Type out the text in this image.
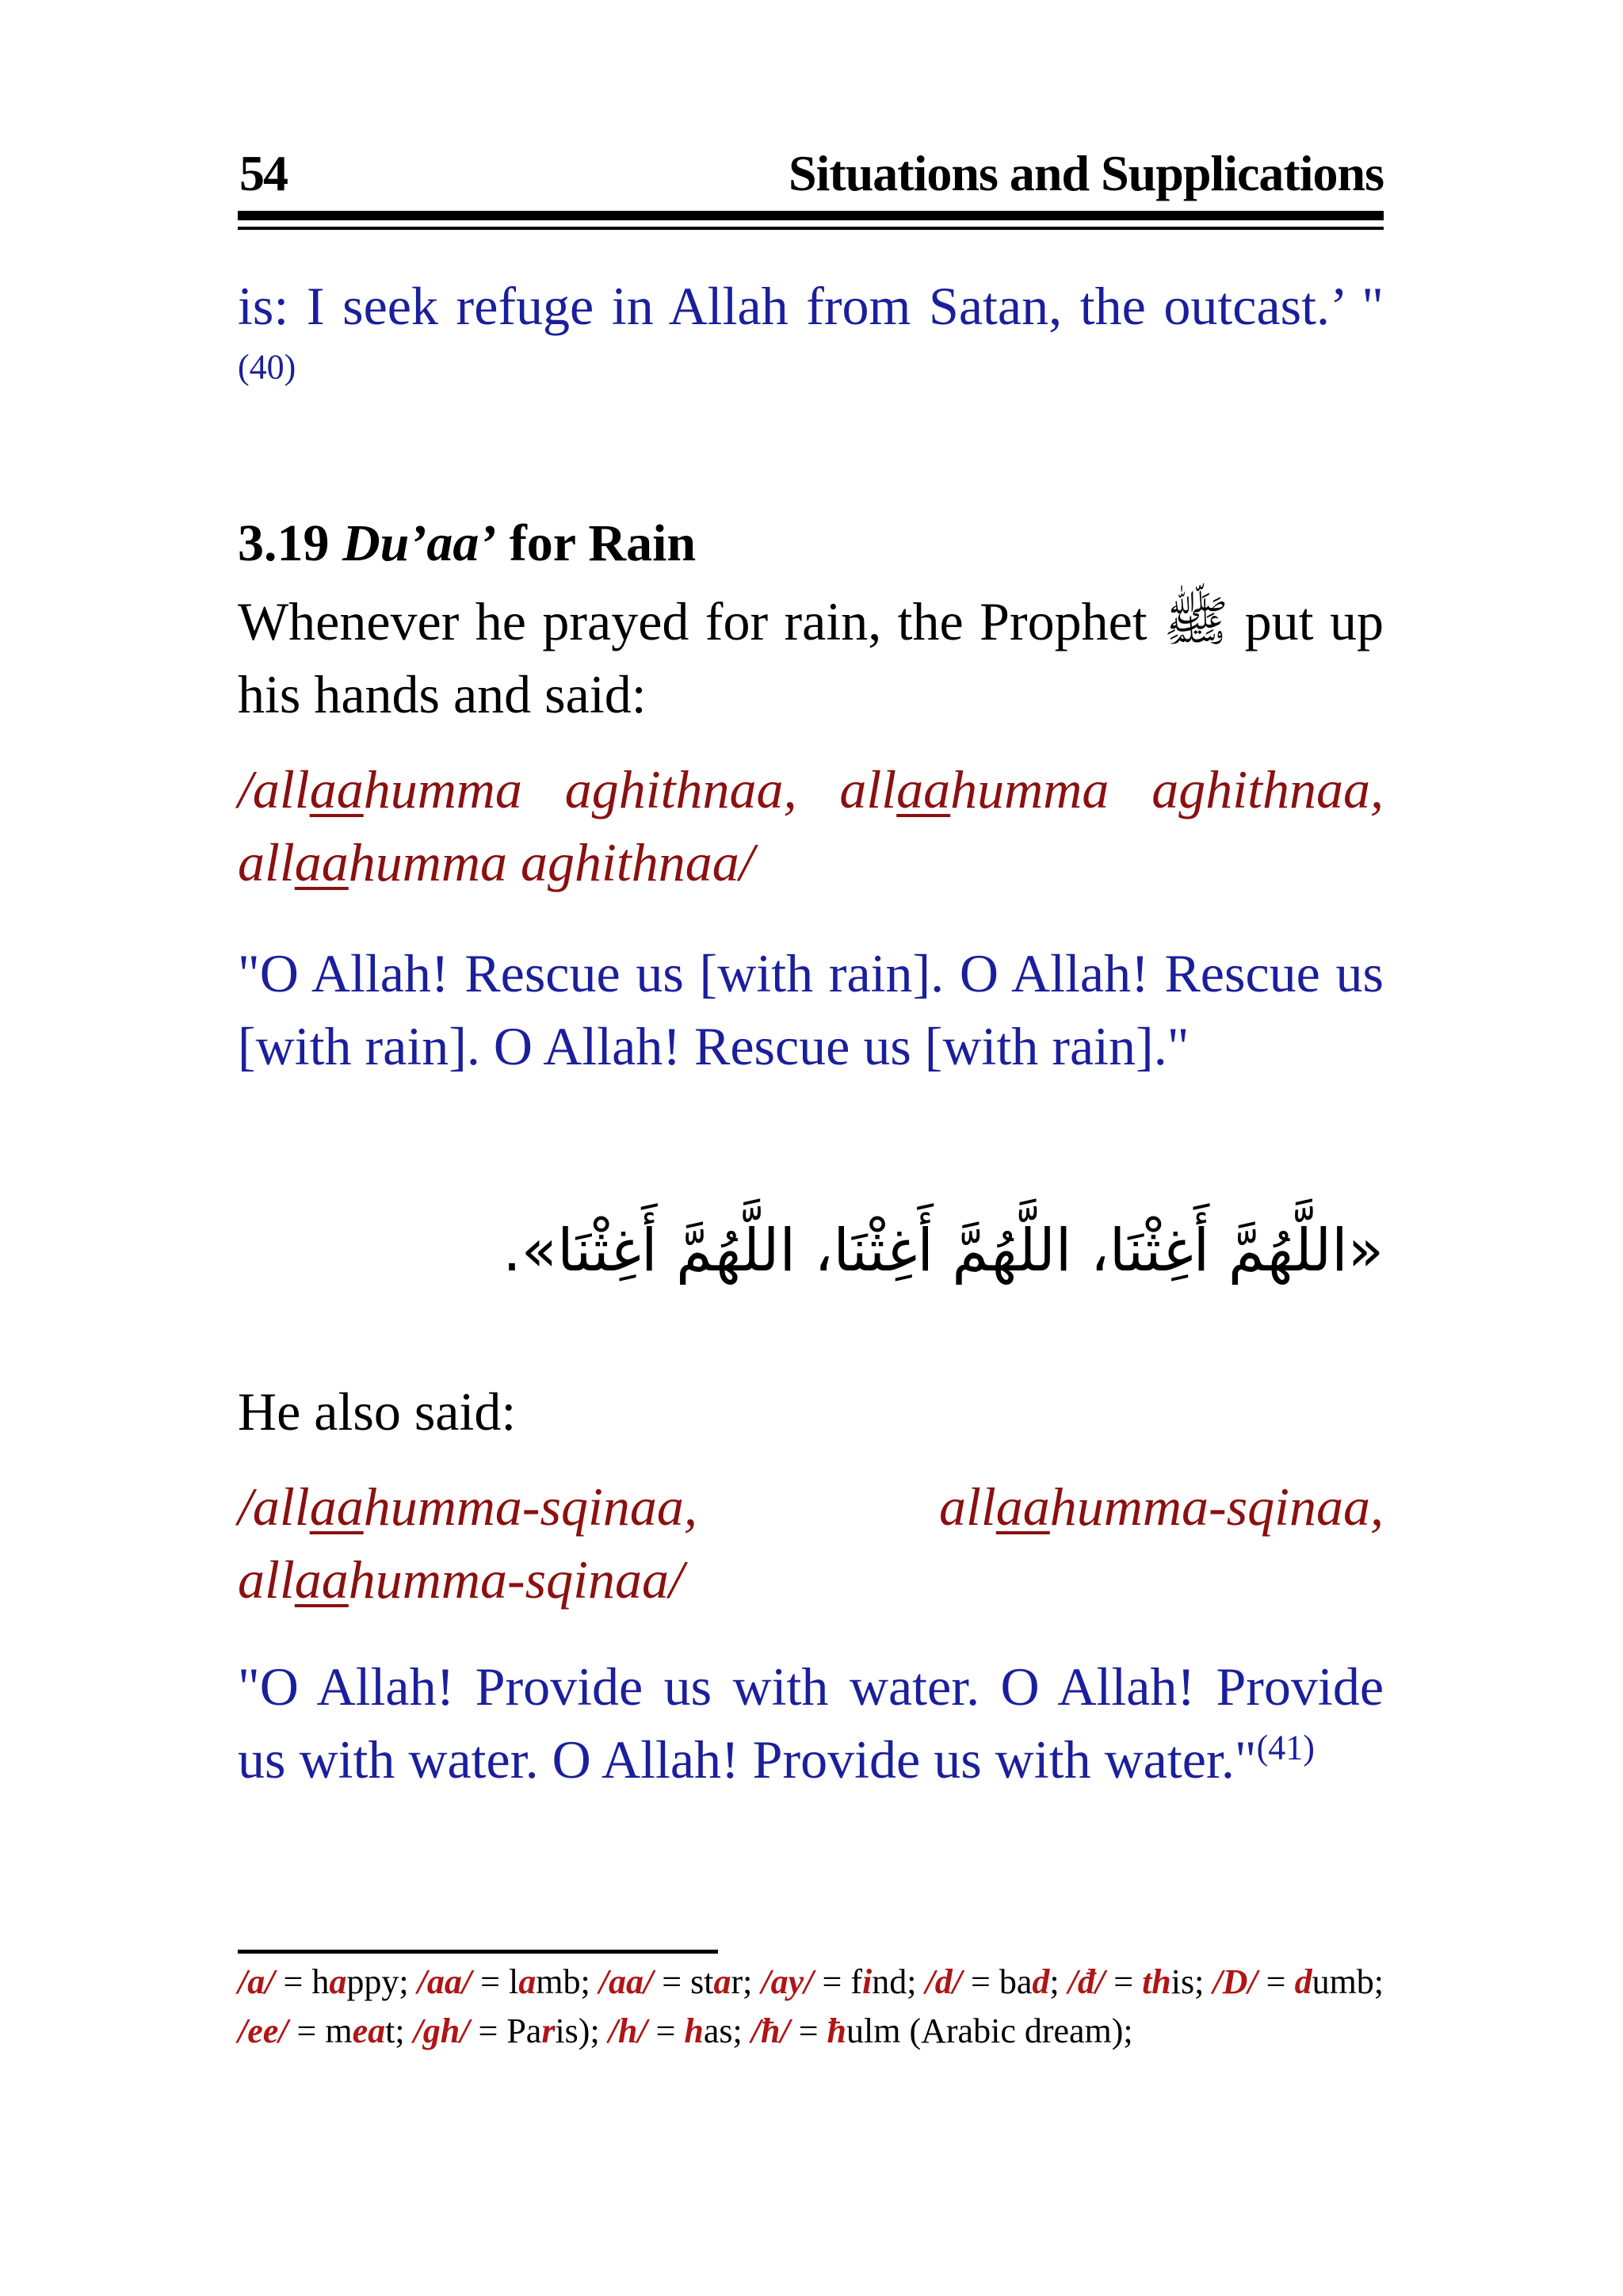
54	Situations and Supplications
is: I seek refuge in Allah from Satan, the outcast.’ "$^{(40)}$
3.19 Du’aa’ for Rain
Whenever he prayed for rain, the Prophet ﷺ put up his hands and said:
/allaahumma aghithnaa, allaahumma aghithnaa, allaahumma aghithnaa/
"O Allah! Rescue us [with rain]. O Allah! Rescue us [with rain]. O Allah! Rescue us [with rain]."
«اللَّهُمَّ أَغِثْنَا، اللَّهُمَّ أَغِثْنَا، اللَّهُمَّ أَغِثْنَا».
He also said:
/allaahumma-sqinaa, allaahumma-sqinaa, allaahumma-sqinaa/
"O Allah! Provide us with water. O Allah! Provide us with water. O Allah! Provide us with water."$^{(41)}$
/a/ = happy; /aa/ = lamb; /aa/ = star; /ay/ = find; /d/ = bad; /đ/ = this; /D/ = dumb; /ee/ = meat; /gh/ = Paris); /h/ = has; /ħ/ = ħulm (Arabic dream);
